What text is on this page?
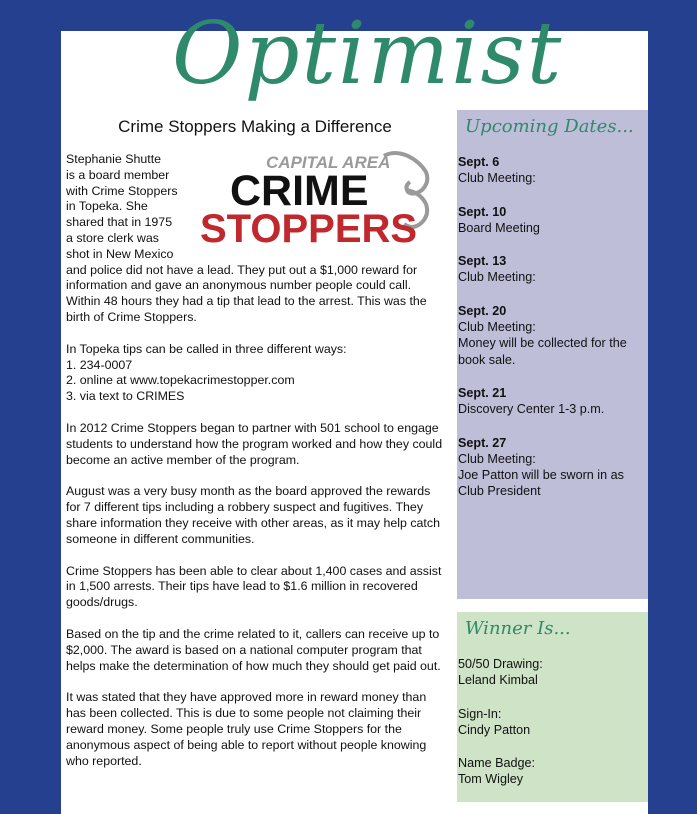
Optimist
Crime Stoppers Making a Difference
CAPITAL AREA
CRIME
STOPPERS
Stephanie Shutte
is a board member
with Crime Stoppers
in Topeka. She
shared that in 1975
a store clerk was
shot in New Mexico

and police did not have a lead. They put out a $1,000 reward for information and gave an anonymous number people could call. Within 48 hours they had a tip that lead to the arrest. This was the birth of Crime Stoppers.

In Topeka tips can be called in three different ways:
1. 234-0007
2. online at www.topekacrimestopper.com
3. via text to CRIMES

In 2012 Crime Stoppers began to partner with 501 school to engage students to understand how the program worked and how they could become an active member of the program.

August was a very busy month as the board approved the rewards for 7 different tips including a robbery suspect and fugitives. They share information they receive with other areas, as it may help catch someone in different communities.

Crime Stoppers has been able to clear about 1,400 cases and assist in 1,500 arrests. Their tips have lead to $1.6 million in recovered goods/drugs.

Based on the tip and the crime related to it, callers can receive up to $2,000. The award is based on a national computer program that helps make the determination of how much they should get paid out.

It was stated that they have approved more in reward money than has been collected. This is due to some people not claiming their reward money. Some people truly use Crime Stoppers for the anonymous aspect of being able to report without people knowing who reported.

Upcoming Dates...
Sept. 6
Club Meeting:
Sept. 10
Board Meeting
Sept. 13
Club Meeting:
Sept. 20
Club Meeting:
Money will be collected for the book sale.
Sept. 21
Discovery Center 1-3 p.m.
Sept. 27
Club Meeting:
Joe Patton will be sworn in as Club President
Winner Is...
50/50 Drawing:
Leland Kimbal
Sign-In:
Cindy Patton
Name Badge:
Tom Wigley
